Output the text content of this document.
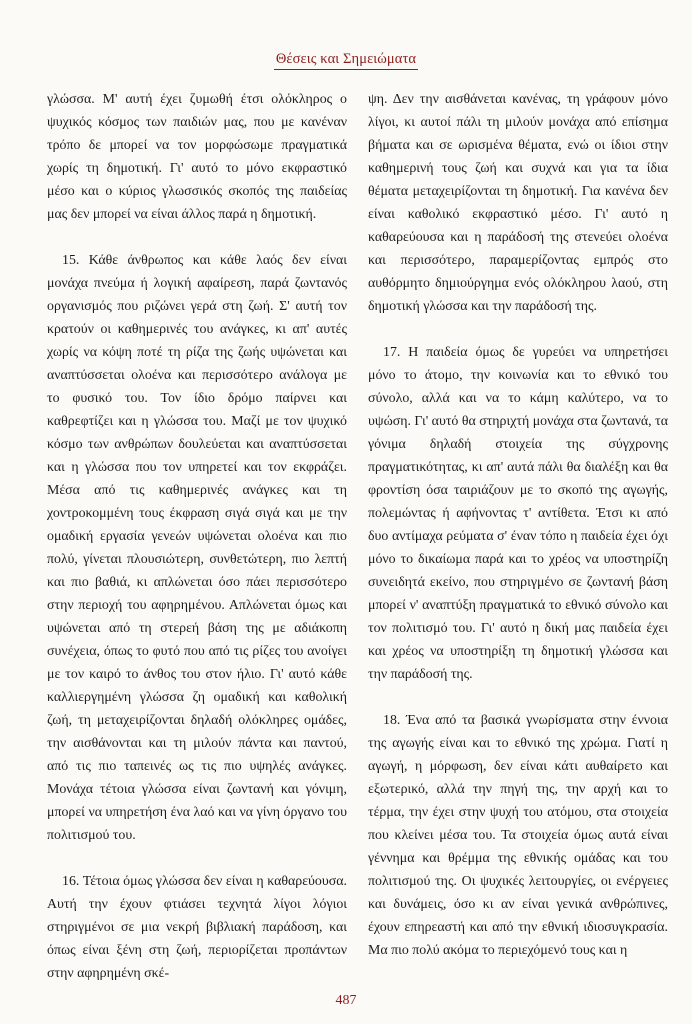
Θέσεις και Σημειώματα

γλώσσα. Μ' αυτή έχει ζυμωθή έτσι ολόκληρος ο ψυχικός κόσμος των παιδιών μας, που με κανέναν τρόπο δε μπορεί να τον μορφώσωμε πραγματικά χωρίς τη δημοτική. Γι' αυτό το μόνο εκφραστικό μέσο και ο κύριος γλωσσικός σκοπός της παιδείας μας δεν μπορεί να είναι άλλος παρά η δημοτική.

15. Κάθε άνθρωπος και κάθε λαός δεν είναι μονάχα πνεύμα ή λογική αφαίρεση, παρά ζωντανός οργανισμός που ριζώνει γερά στη ζωή. Σ' αυτή τον κρατούν οι καθημερινές του ανάγκες, κι απ' αυτές χωρίς να κόψη ποτέ τη ρίζα της ζωής υψώνεται και αναπτύσσεται ολοένα και περισσότερο ανάλογα με το φυσικό του. Τον ίδιο δρόμο παίρνει και καθρεφτίζει και η γλώσσα του. Μαζί με τον ψυχικό κόσμο των ανθρώπων δουλεύεται και αναπτύσσεται και η γλώσσα που τον υπηρετεί και τον εκφράζει. Μέσα από τις καθημερινές ανάγκες και τη χοντροκομμένη τους έκφραση σιγά σιγά και με την ομαδική εργασία γενεών υψώνεται ολοένα και πιο πολύ, γίνεται πλουσιώτερη, συνθετώτερη, πιο λεπτή και πιο βαθιά, κι απλώνεται όσο πάει περισσότερο στην περιοχή του αφηρημένου. Απλώνεται όμως και υψώνεται από τη στερεή βάση της με αδιάκοπη συνέχεια, όπως το φυτό που από τις ρίζες του ανοίγει με τον καιρό το άνθος του στον ήλιο. Γι' αυτό κάθε καλλιεργημένη γλώσσα ζη ομαδική και καθολική ζωή, τη μεταχειρίζονται δηλαδή ολόκληρες ομάδες, την αισθάνονται και τη μιλούν πάντα και παντού, από τις πιο ταπεινές ως τις πιο υψηλές ανάγκες. Μονάχα τέτοια γλώσσα είναι ζωντανή και γόνιμη, μπορεί να υπηρετήση ένα λαό και να γίνη όργανο του πολιτισμού του.

16. Τέτοια όμως γλώσσα δεν είναι η καθαρεύουσα. Αυτή την έχουν φτιάσει τεχνητά λίγοι λόγιοι στηριγμένοι σε μια νεκρή βιβλιακή παράδοση, και όπως είναι ξένη στη ζωή, περιορίζεται προπάντων στην αφηρημένη σκέ-

ψη. Δεν την αισθάνεται κανένας, τη γράφουν μόνο λίγοι, κι αυτοί πάλι τη μιλούν μονάχα από επίσημα βήματα και σε ωρισμένα θέματα, ενώ οι ίδιοι στην καθημερινή τους ζωή και συχνά και για τα ίδια θέματα μεταχειρίζονται τη δημοτική. Για κανένα δεν είναι καθολικό εκφραστικό μέσο. Γι' αυτό η καθαρεύουσα και η παράδοσή της στενεύει ολοένα και περισσότερο, παραμερίζοντας εμπρός στο αυθόρμητο δημιούργημα ενός ολόκληρου λαού, στη δημοτική γλώσσα και την παράδοσή της.

17. Η παιδεία όμως δε γυρεύει να υπηρετήσει μόνο το άτομο, την κοινωνία και το εθνικό του σύνολο, αλλά και να το κάμη καλύτερο, να το υψώση. Γι' αυτό θα στηριχτή μονάχα στα ζωντανά, τα γόνιμα δηλαδή στοιχεία της σύγχρονης πραγματικότητας, κι απ' αυτά πάλι θα διαλέξη και θα φροντίση όσα ταιριάζουν με το σκοπό της αγωγής, πολεμώντας ή αφήνοντας τ' αντίθετα. Έτσι κι από δυο αντίμαχα ρεύματα σ' έναν τόπο η παιδεία έχει όχι μόνο το δικαίωμα παρά και το χρέος να υποστηρίζη συνειδητά εκείνο, που στηριγμένο σε ζωντανή βάση μπορεί ν' αναπτύξη πραγματικά το εθνικό σύνολο και τον πολιτισμό του. Γι' αυτό η δική μας παιδεία έχει και χρέος να υποστηρίξη τη δημοτική γλώσσα και την παράδοσή της.

18. Ένα από τα βασικά γνωρίσματα στην έννοια της αγωγής είναι και το εθνικό της χρώμα. Γιατί η αγωγή, η μόρφωση, δεν είναι κάτι αυθαίρετο και εξωτερικό, αλλά την πηγή της, την αρχή και το τέρμα, την έχει στην ψυχή του ατόμου, στα στοιχεία που κλείνει μέσα του. Τα στοιχεία όμως αυτά είναι γέννημα και θρέμμα της εθνικής ομάδας και του πολιτισμού της. Οι ψυχικές λειτουργίες, οι ενέργειες και δυνάμεις, όσο κι αν είναι γενικά ανθρώπινες, έχουν επηρεαστή και από την εθνική ιδιοσυγκρασία. Μα πιο πολύ ακόμα το περιεχόμενό τους και η

487
